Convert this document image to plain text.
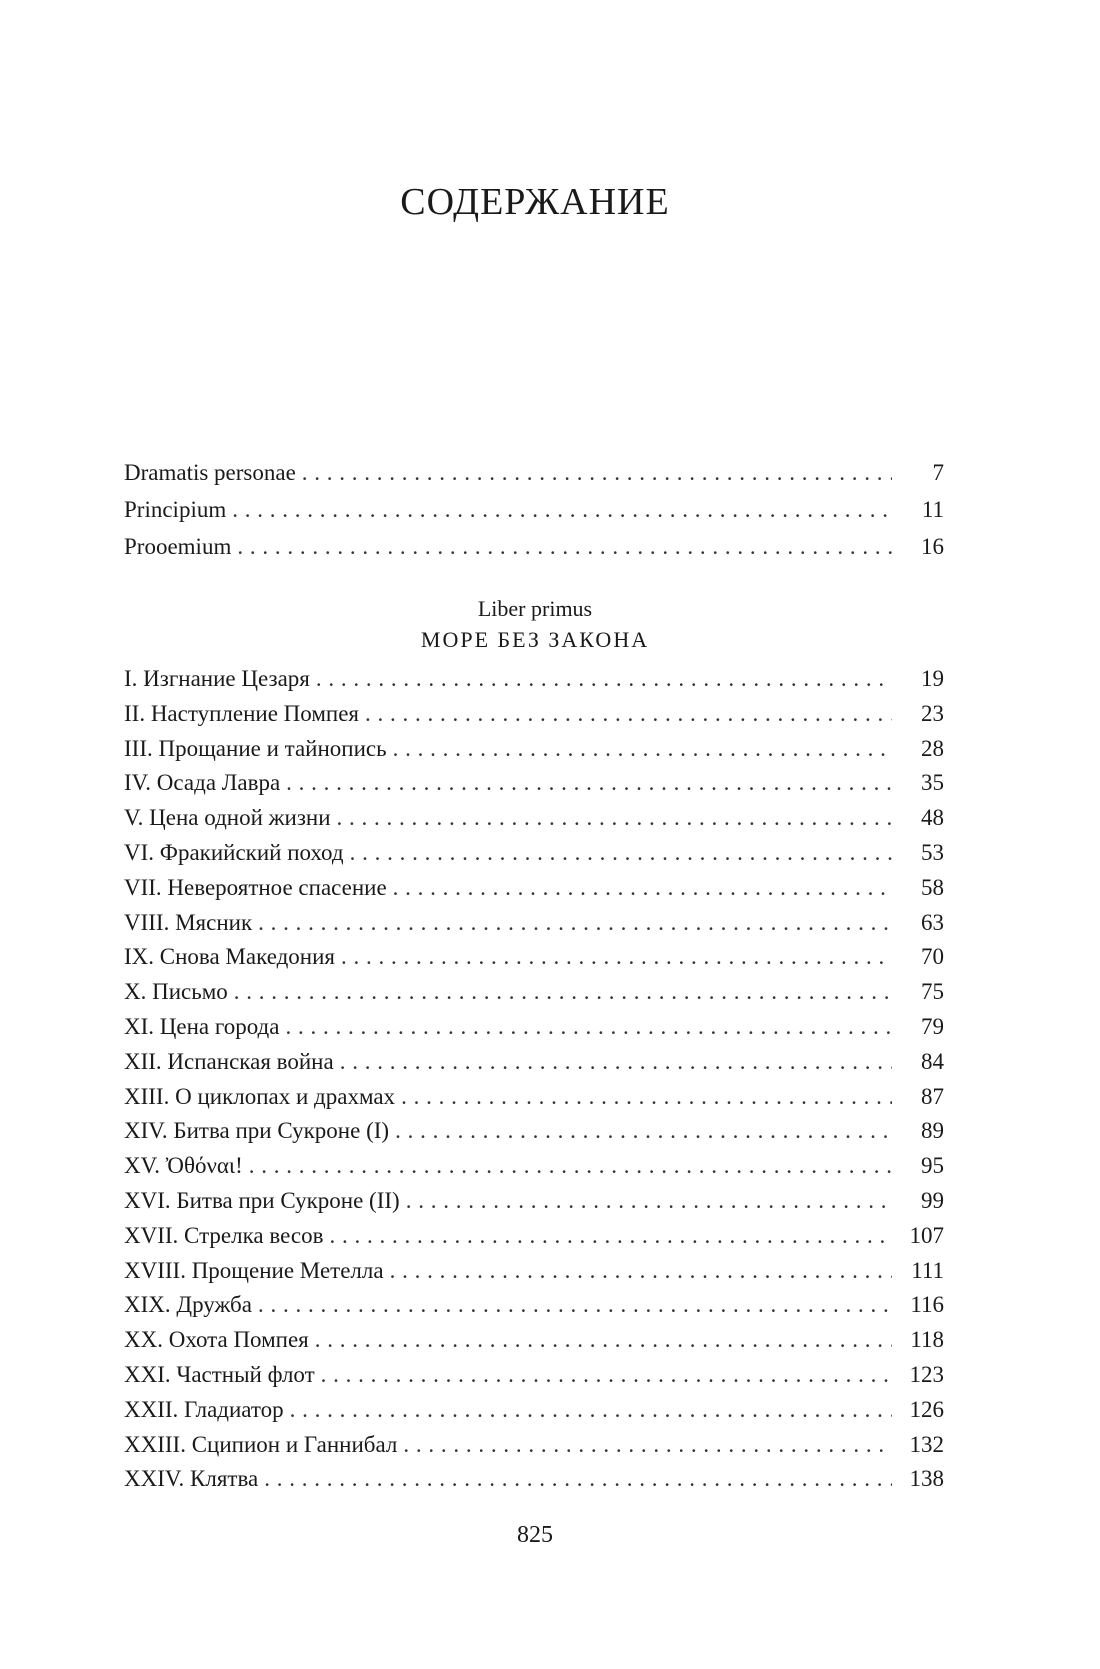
СОДЕРЖАНИЕ
Dramatis personae . . .	7
Principium . . .	11
Prooemium . . .	16
Liber primus
МОРЕ БЕЗ ЗАКОНА
I. Изгнание Цезаря . . .	19
II. Наступление Помпея . . .	23
III. Прощание и тайнопись . . .	28
IV. Осада Лавра . . .	35
V. Цена одной жизни . . .	48
VI. Фракийский поход . . .	53
VII. Невероятное спасение . . .	58
VIII. Мясник . . .	63
IX. Снова Македония . . .	70
X. Письмо . . .	75
XI. Цена города . . .	79
XII. Испанская война . . .	84
XIII. О циклопах и драхмах . . .	87
XIV. Битва при Сукроне (I) . . .	89
XV. Ὀθόναι! . . .	95
XVI. Битва при Сукроне (II) . . .	99
XVII. Стрелка весов . . .	107
XVIII. Прощение Метелла . . .	111
XIX. Дружба . . .	116
XX. Охота Помпея . . .	118
XXI. Частный флот . . .	123
XXII. Гладиатор . . .	126
XXIII. Сципион и Ганнибал . . .	132
XXIV. Клятва . . .	138
825
